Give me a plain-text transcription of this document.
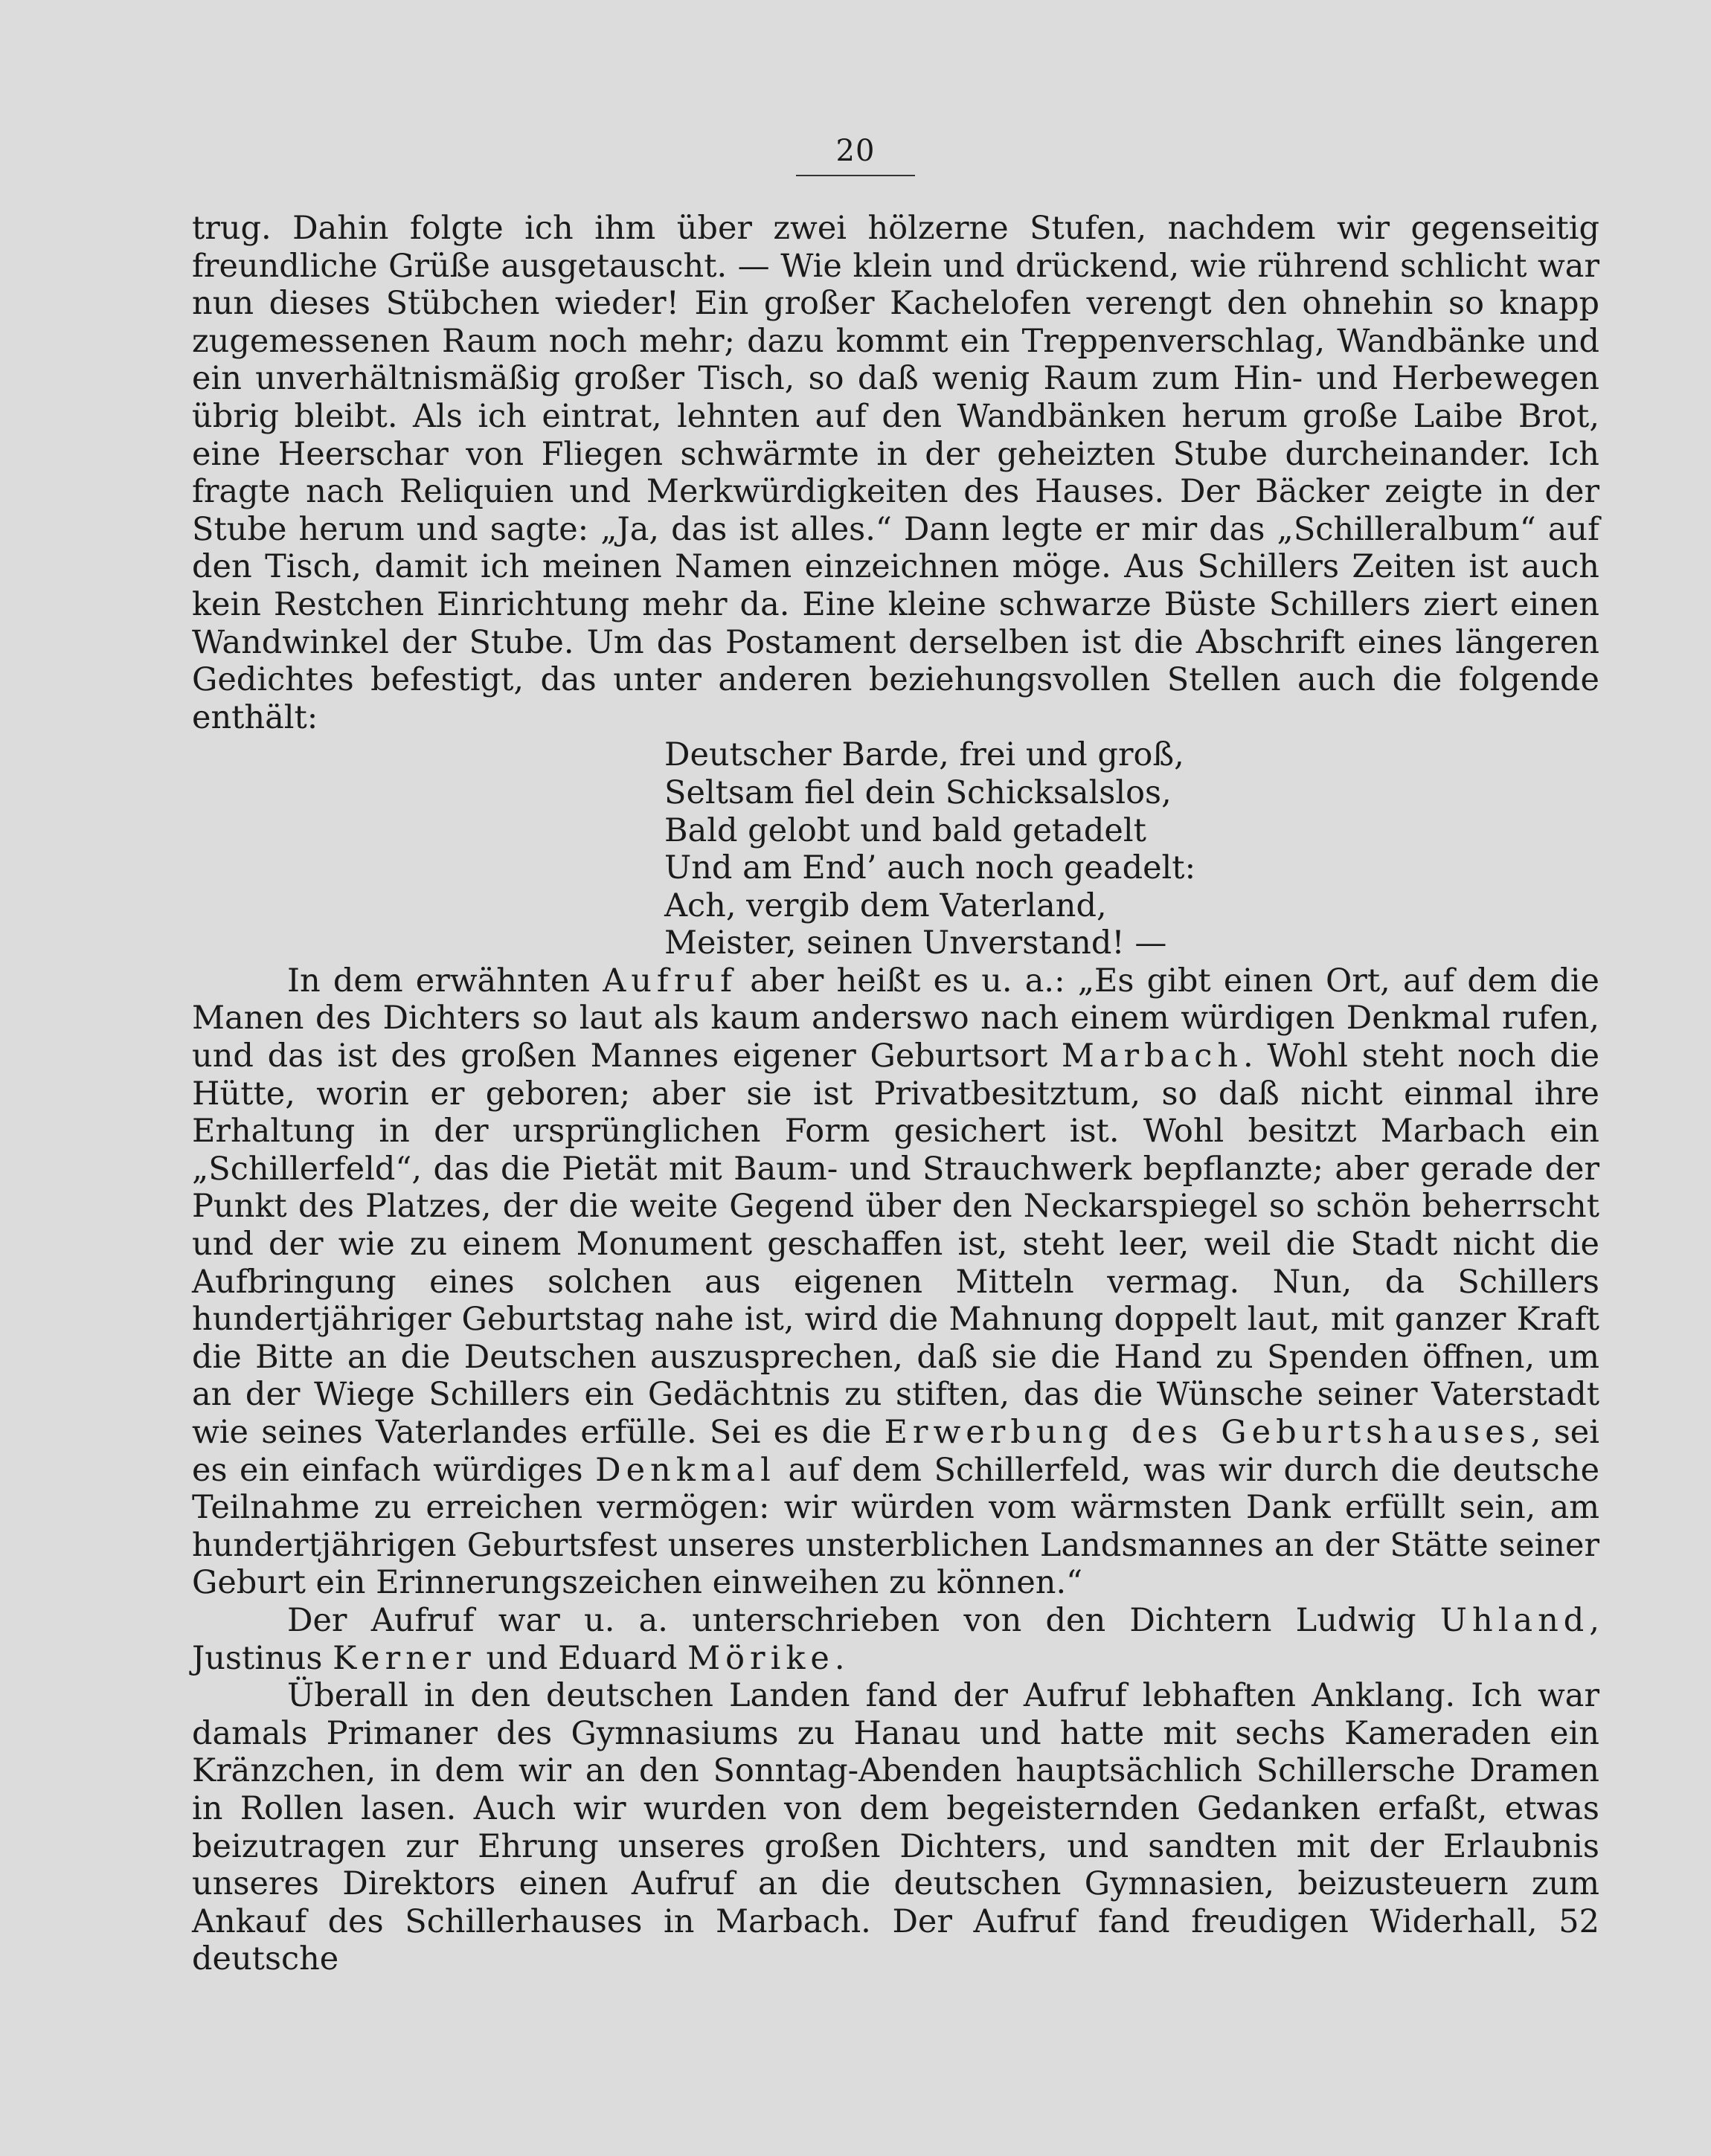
20

trug. Dahin folgte ich ihm über zwei hölzerne Stufen, nachdem wir gegenseitig freundliche Grüße ausgetauscht. — Wie klein und drückend, wie rührend schlicht war nun dieses Stübchen wieder! Ein großer Kachelofen verengt den ohnehin so knapp zugemessenen Raum noch mehr; dazu kommt ein Treppenverschlag, Wandbänke und ein unverhältnismäßig großer Tisch, so daß wenig Raum zum Hin- und Herbewegen übrig bleibt. Als ich eintrat, lehnten auf den Wandbänken herum große Laibe Brot, eine Heerschar von Fliegen schwärmte in der geheizten Stube durcheinander. Ich fragte nach Reliquien und Merkwürdigkeiten des Hauses. Der Bäcker zeigte in der Stube herum und sagte: „Ja, das ist alles.“ Dann legte er mir das „Schilleralbum“ auf den Tisch, damit ich meinen Namen einzeichnen möge. Aus Schillers Zeiten ist auch kein Restchen Einrichtung mehr da. Eine kleine schwarze Büste Schillers ziert einen Wandwinkel der Stube. Um das Postament derselben ist die Abschrift eines längeren Gedichtes befestigt, das unter anderen beziehungsvollen Stellen auch die folgende enthält:

Deutscher Barde, frei und groß,
Seltsam fiel dein Schicksalslos,
Bald gelobt und bald getadelt
Und am End’ auch noch geadelt:
Ach, vergib dem Vaterland,
Meister, seinen Unverstand! —

In dem erwähnten Aufruf aber heißt es u. a.: „Es gibt einen Ort, auf dem die Manen des Dichters so laut als kaum anderswo nach einem würdigen Denkmal rufen, und das ist des großen Mannes eigener Geburtsort Marbach. Wohl steht noch die Hütte, worin er geboren; aber sie ist Privatbesitztum, so daß nicht einmal ihre Erhaltung in der ursprünglichen Form gesichert ist. Wohl besitzt Marbach ein „Schillerfeld“, das die Pietät mit Baum- und Strauchwerk bepflanzte; aber gerade der Punkt des Platzes, der die weite Gegend über den Neckarspiegel so schön beherrscht und der wie zu einem Monument geschaffen ist, steht leer, weil die Stadt nicht die Aufbringung eines solchen aus eigenen Mitteln vermag. Nun, da Schillers hundertjähriger Geburtstag nahe ist, wird die Mahnung doppelt laut, mit ganzer Kraft die Bitte an die Deutschen auszusprechen, daß sie die Hand zu Spenden öffnen, um an der Wiege Schillers ein Gedächtnis zu stiften, das die Wünsche seiner Vaterstadt wie seines Vaterlandes erfülle. Sei es die Erwerbung des Geburtshauses, sei es ein einfach würdiges Denkmal auf dem Schillerfeld, was wir durch die deutsche Teilnahme zu erreichen vermögen: wir würden vom wärmsten Dank erfüllt sein, am hundertjährigen Geburtsfest unseres unsterblichen Landsmannes an der Stätte seiner Geburt ein Erinnerungszeichen einweihen zu können.“

Der Aufruf war u. a. unterschrieben von den Dichtern Ludwig Uhland, Justinus Kerner und Eduard Mörike.

Überall in den deutschen Landen fand der Aufruf lebhaften Anklang. Ich war damals Primaner des Gymnasiums zu Hanau und hatte mit sechs Kameraden ein Kränzchen, in dem wir an den Sonntag-Abenden hauptsächlich Schillersche Dramen in Rollen lasen. Auch wir wurden von dem begeisternden Gedanken erfaßt, etwas beizutragen zur Ehrung unseres großen Dichters, und sandten mit der Erlaubnis unseres Direktors einen Aufruf an die deutschen Gymnasien, beizusteuern zum Ankauf des Schillerhauses in Marbach. Der Aufruf fand freudigen Widerhall, 52 deutsche
